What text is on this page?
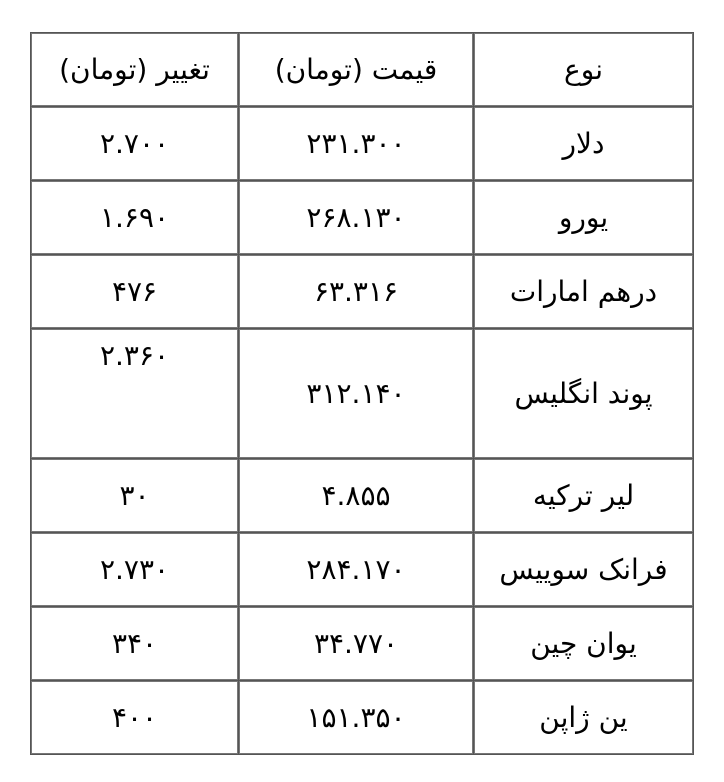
نوع	قیمت (تومان)	تغییر (تومان)
دلار	۲۳۱.۳۰۰	۲.۷۰۰
یورو	۲۶۸.۱۳۰	۱.۶۹۰
درهم امارات	۶۳.۳۱۶	۴۷۶
پوند انگلیس	۳۱۲.۱۴۰	۲.۳۶۰
لیر ترکیه	۴.۸۵۵	۳۰
فرانک سوییس	۲۸۴.۱۷۰	۲.۷۳۰
یوان چین	۳۴.۷۷۰	۳۴۰
ین ژاپن	۱۵۱.۳۵۰	۴۰۰
